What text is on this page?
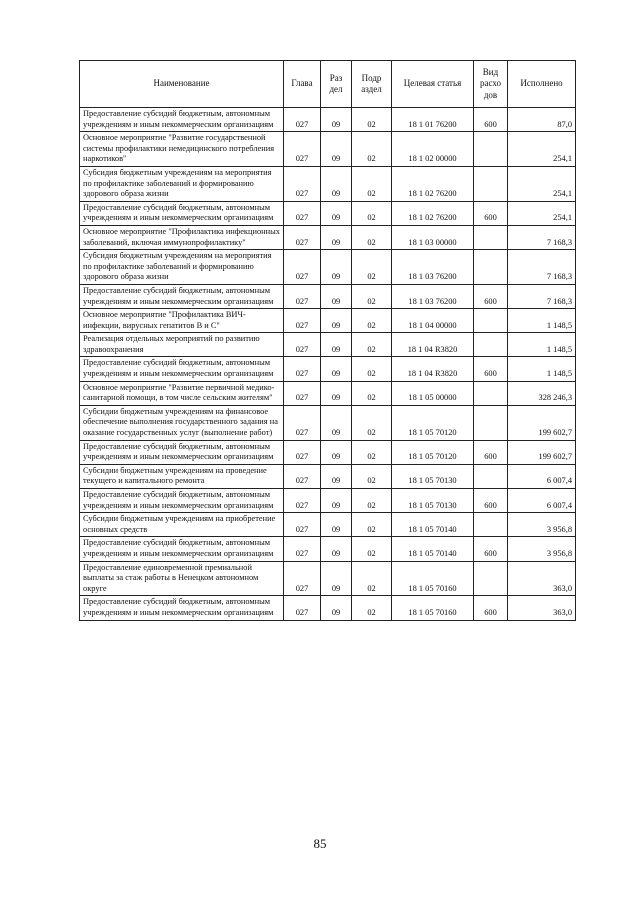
Наименование	Глава	Раз дел	Подр аздел	Целевая статья	Вид расхо дов	Исполнено
Предоставление субсидий бюджетным, автономным учреждениям и иным некоммерческим организациям	027	09	02	18 1 01 76200	600	87,0
Основное мероприятие "Развитие государственной системы профилактики немедицинского потребления наркотиков"	027	09	02	18 1 02 00000		254,1
Субсидия бюджетным учреждениям на мероприятия по профилактике заболеваний и формированию здорового образа жизни	027	09	02	18 1 02 76200		254,1
Предоставление субсидий бюджетным, автономным учреждениям и иным некоммерческим организациям	027	09	02	18 1 02 76200	600	254,1
Основное мероприятие "Профилактика инфекционных заболеваний, включая иммунопрофилактику"	027	09	02	18 1 03 00000		7 168,3
Субсидия бюджетным учреждениям на мероприятия по профилактике заболеваний и формированию здорового образа жизни	027	09	02	18 1 03 76200		7 168,3
Предоставление субсидий бюджетным, автономным учреждениям и иным некоммерческим организациям	027	09	02	18 1 03 76200	600	7 168,3
Основное мероприятие "Профилактика ВИЧ-инфекции, вирусных гепатитов В и С"	027	09	02	18 1 04 00000		1 148,5
Реализация отдельных мероприятий по развитию здравоохранения	027	09	02	18 1 04 R3820		1 148,5
Предоставление субсидий бюджетным, автономным учреждениям и иным некоммерческим организациям	027	09	02	18 1 04 R3820	600	1 148,5
Основное мероприятие "Развитие первичной медико-санитарной помощи, в том числе сельским жителям"	027	09	02	18 1 05 00000		328 246,3
Субсидии бюджетным учреждениям на финансовое обеспечение выполнения государственного задания на оказание государственных услуг (выполнение работ)	027	09	02	18 1 05 70120		199 602,7
Предоставление субсидий бюджетным, автономным учреждениям и иным некоммерческим организациям	027	09	02	18 1 05 70120	600	199 602,7
Субсидии бюджетным учреждениям на проведение текущего и капитального ремонта	027	09	02	18 1 05 70130		6 007,4
Предоставление субсидий бюджетным, автономным учреждениям и иным некоммерческим организациям	027	09	02	18 1 05 70130	600	6 007,4
Субсидии бюджетным учреждениям на приобретение основных средств	027	09	02	18 1 05 70140		3 956,8
Предоставление субсидий бюджетным, автономным учреждениям и иным некоммерческим организациям	027	09	02	18 1 05 70140	600	3 956,8
Предоставление единовременной премиальной выплаты за стаж работы в Ненецком автономном округе	027	09	02	18 1 05 70160		363,0
Предоставление субсидий бюджетным, автономным учреждениям и иным некоммерческим организациям	027	09	02	18 1 05 70160	600	363,0
85
